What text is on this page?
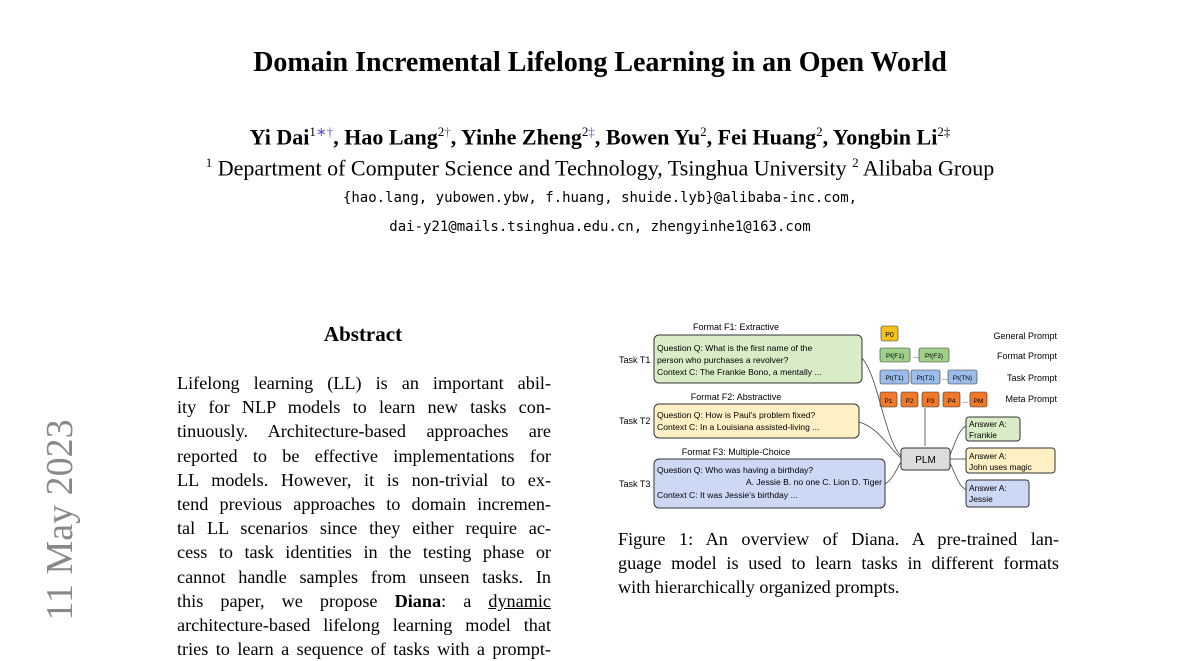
Domain Incremental Lifelong Learning in an Open World
Yi Dai$^{1∗\dagger}$, Hao Lang$^{2\dagger}$, Yinhe Zheng$^{2\ddagger}$, Bowen Yu$^2$, Fei Huang$^2$, Yongbin $Li^{2\ddagger}$
$^1$ Department of Computer Science and Technology, Tsinghua University $^2$ Alibaba Group
{hao.lang, yubowen.ybw, f.huang, shuide.lyb}@alibaba-inc.com,
dai-y21@mails.tsinghua.edu.cn, zhengyinhe1@163.com
11 May 2023
Abstract
Lifelong learning (LL) is an important abil-
ity for NLP models to learn new tasks con-
tinuously. Architecture-based approaches are
reported to be effective implementations for
LL models. However, it is non-trivial to ex-
tend previous approaches to domain incremen-
tal LL scenarios since they either require ac-
cess to task identities in the testing phase or
cannot handle samples from unseen tasks. In
this paper, we propose Diana: a dynamic
architecture-based lifelong learning model that
tries to learn a sequence of tasks with a prompt-
Format F1: Extractive
Format F2: Abstractive
Format F3: Multiple-Choice
Task T1
Task T2
Task T3
Question Q: What is the first name of the
person who purchases a revolver?
Context C: The Frankie Bono, a mentally ...
Question Q: How is Paul's problem fixed?
Context C: In a Louisiana assisted-living ...
Question Q: Who was having a birthday?
A. Jessie B. no one C. Lion D. Tiger
Context C: It was Jessie's birthday ...
P0
Pf(F1) ... Pf(F3)
Pt(T1) Pt(T2) ... Pt(TN)
P1 P2 P3 P4 ... PM
General Prompt
Format Prompt
Task Prompt
Meta Prompt
PLM
Answer A:
Frankie
Answer A:
John uses magic
Answer A:
Jessie
Figure 1: An overview of Diana. A pre-trained lan-
guage model is used to learn tasks in different formats
with hierarchically organized prompts.
